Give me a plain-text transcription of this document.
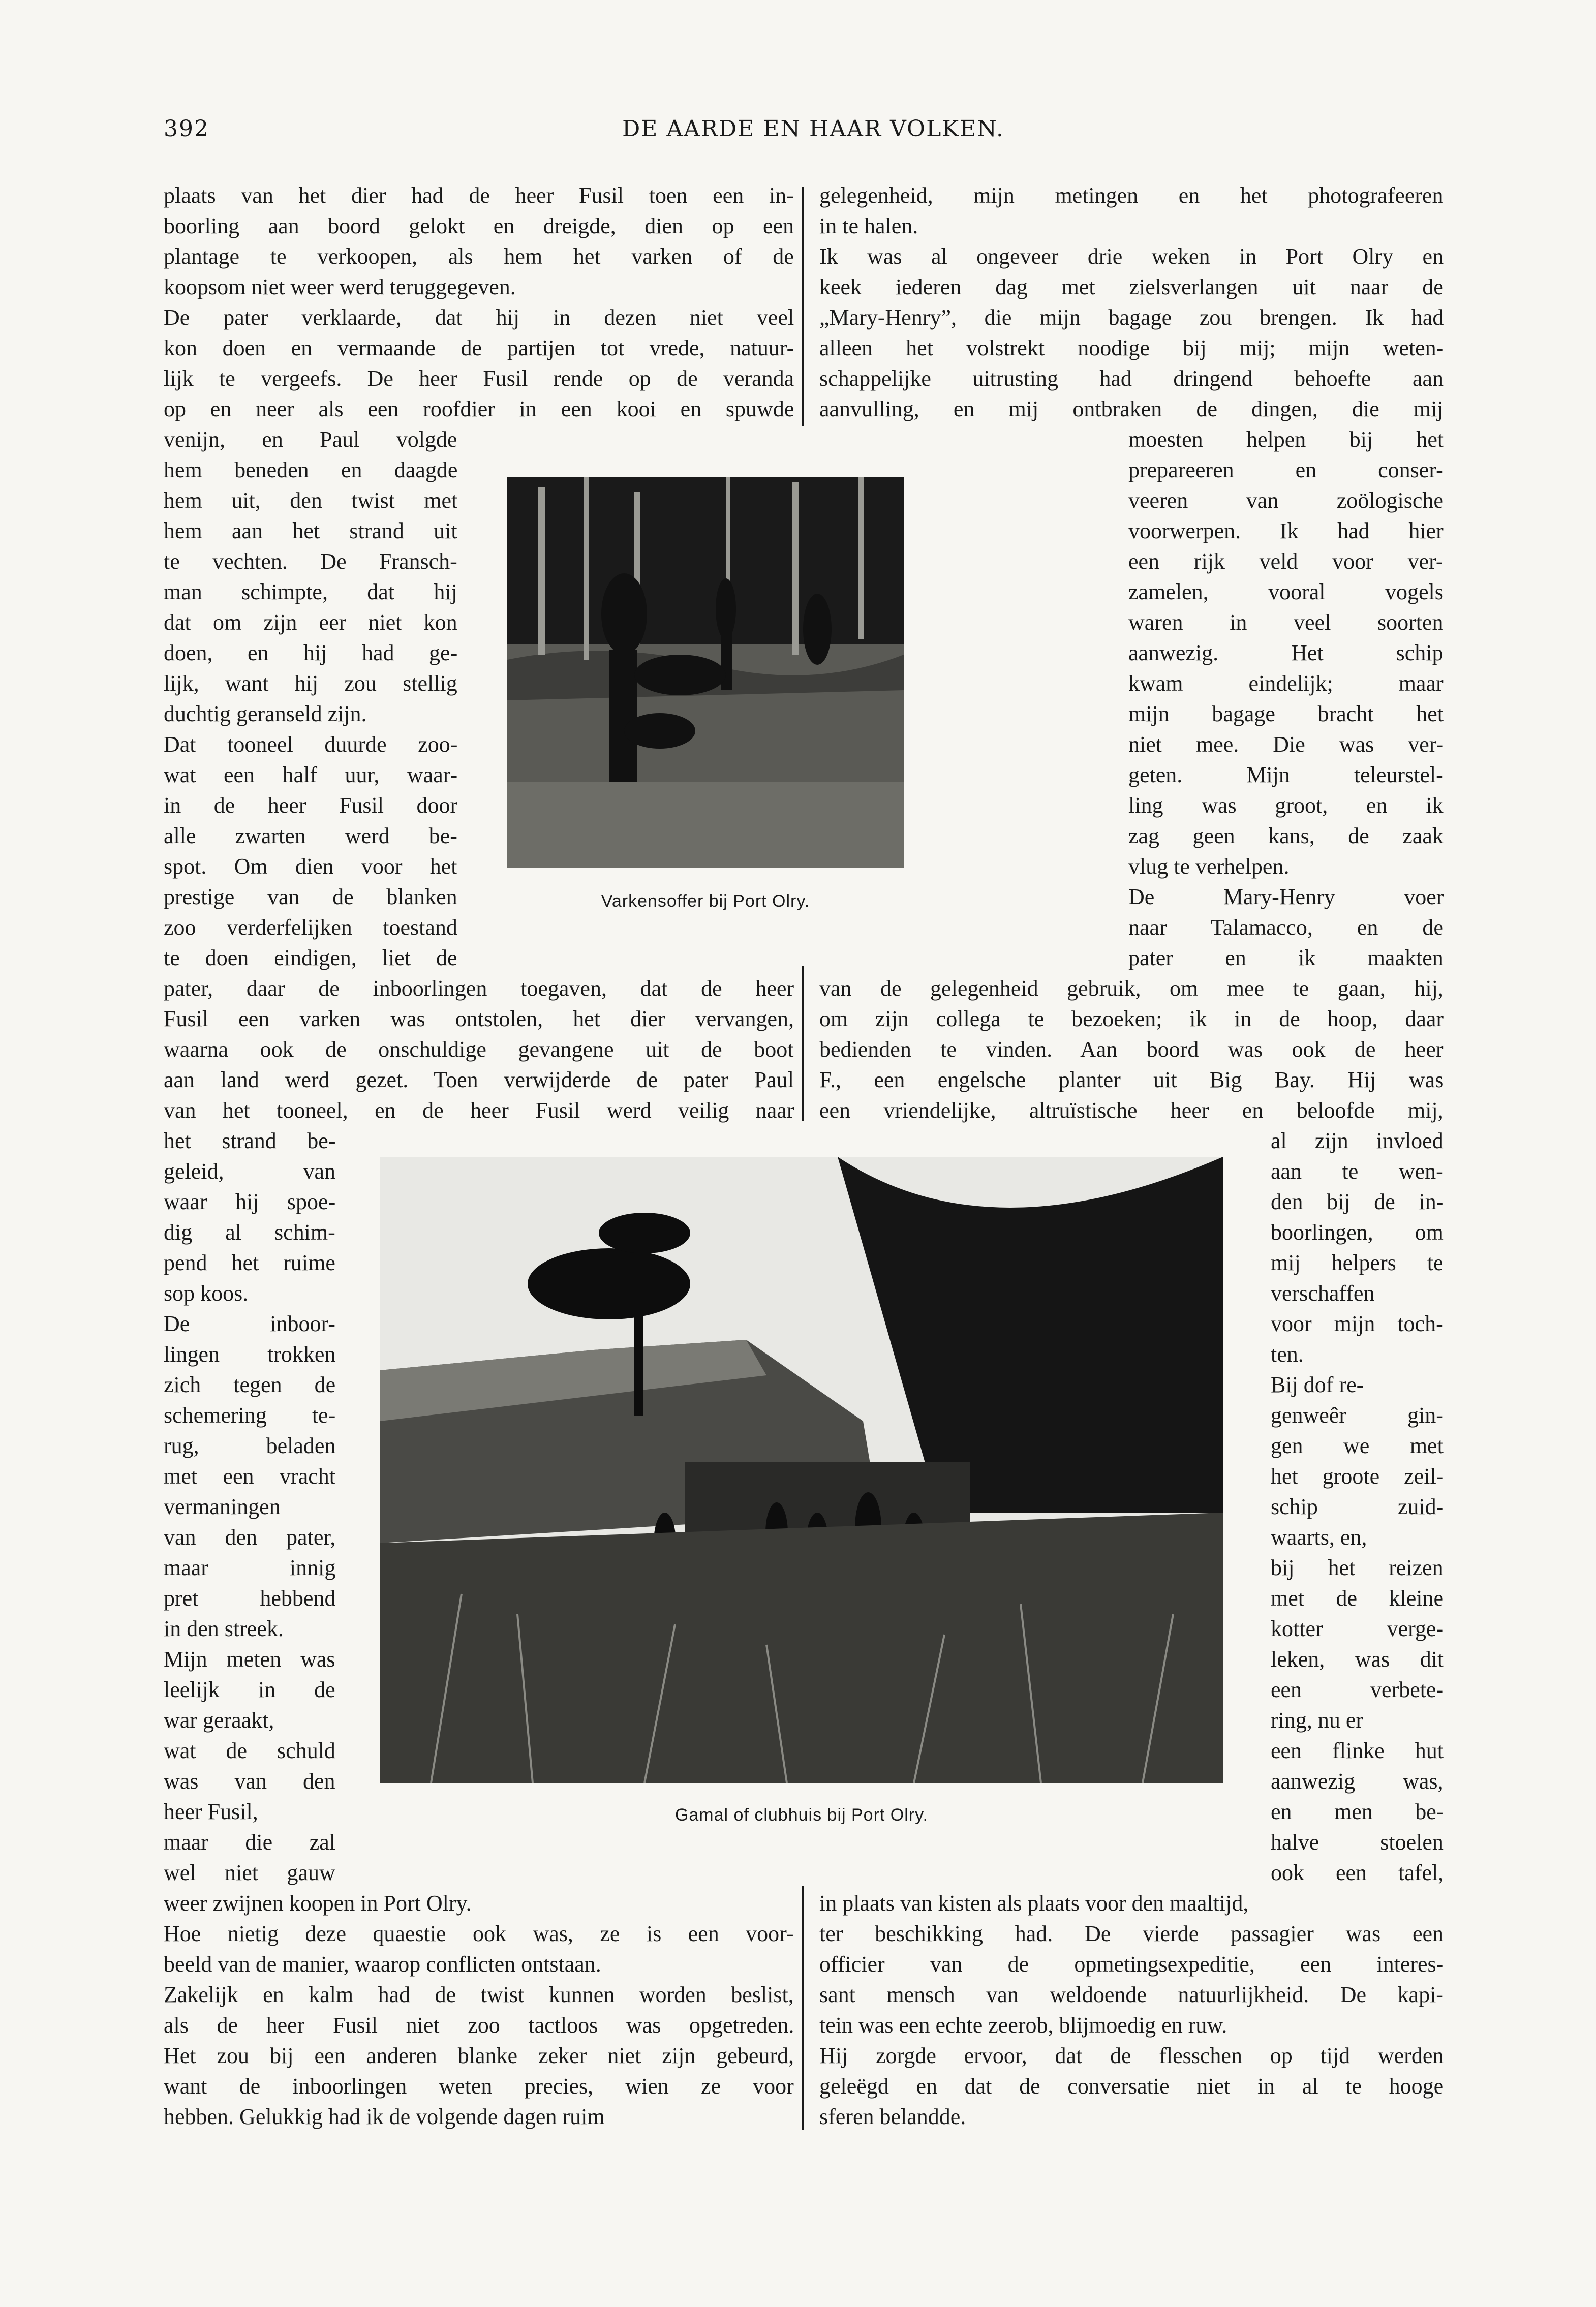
392	DE AARDE EN HAAR VOLKEN.
plaats van het dier had de heer Fusil toen een in-
boorling aan boord gelokt en dreigde, dien op een
plantage te verkoopen, als hem het varken of de
koopsom niet weer werd teruggegeven.
De pater verklaarde, dat hij in dezen niet veel
kon doen en vermaande de partijen tot vrede, natuur-
lijk te vergeefs. De heer Fusil rende op de veranda
op en neer als een roofdier in een kooi en spuwde
venijn, en Paul volgde
hem beneden en daagde
hem uit, den twist met
hem aan het strand uit
te vechten. De Fransch-
man schimpte, dat hij
dat om zijn eer niet kon
doen, en hij had ge-
lijk, want hij zou stellig
duchtig geranseld zijn.
Dat tooneel duurde zoo-
wat een half uur, waar-
in de heer Fusil door
alle zwarten werd be-
spot. Om dien voor het
prestige van de blanken
zoo verderfelijken toestand
te doen eindigen, liet de
pater, daar de inboorlingen toegaven, dat de heer
Fusil een varken was ontstolen, het dier vervangen,
waarna ook de onschuldige gevangene uit de boot
aan land werd gezet. Toen verwijderde de pater Paul
van het tooneel, en de heer Fusil werd veilig naar
het strand be-
geleid, van
waar hij spoe-
dig al schim-
pend het ruime
sop koos.
De inboor-
lingen trokken
zich tegen de
schemering te-
rug, beladen
met een vracht
vermaningen
van den pater,
maar innig
pret hebbend
in den streek.
Mijn meten was
leelijk in de
war geraakt,
wat de schuld
was van den
heer Fusil,
maar die zal
wel niet gauw
weer zwijnen koopen in Port Olry.
Hoe nietig deze quaestie ook was, ze is een voor-
beeld van de manier, waarop conflicten ontstaan.
Zakelijk en kalm had de twist kunnen worden beslist,
als de heer Fusil niet zoo tactloos was opgetreden.
Het zou bij een anderen blanke zeker niet zijn gebeurd,
want de inboorlingen weten precies, wien ze voor
hebben. Gelukkig had ik de volgende dagen ruim
gelegenheid, mijn metingen en het photografeeren
in te halen.
Ik was al ongeveer drie weken in Port Olry en
keek iederen dag met zielsverlangen uit naar de
„Mary-Henry”, die mijn bagage zou brengen. Ik had
alleen het volstrekt noodige bij mij; mijn weten-
schappelijke uitrusting had dringend behoefte aan
aanvulling, en mij ontbraken de dingen, die mij
moesten helpen bij het
prepareeren en conser-
veeren van zoölogische
voorwerpen. Ik had hier
een rijk veld voor ver-
zamelen, vooral vogels
waren in veel soorten
aanwezig. Het schip
kwam eindelijk; maar
mijn bagage bracht het
niet mee. Die was ver-
geten. Mijn teleurstel-
ling was groot, en ik
zag geen kans, de zaak
vlug te verhelpen.
De Mary-Henry voer
naar Talamacco, en de
pater en ik maakten
van de gelegenheid gebruik, om mee te gaan, hij,
om zijn collega te bezoeken; ik in de hoop, daar
bedienden te vinden. Aan boord was ook de heer
F., een engelsche planter uit Big Bay. Hij was
een vriendelijke, altruïstische heer en beloofde mij,
al zijn invloed
aan te wen-
den bij de in-
boorlingen, om
mij helpers te
verschaffen
voor mijn toch-
ten.
Bij dof re-
genweêr gin-
gen we met
het groote zeil-
schip zuid-
waarts, en,
bij het reizen
met de kleine
kotter verge-
leken, was dit
een verbete-
ring, nu er
een flinke hut
aanwezig was,
en men be-
halve stoelen
ook een tafel,
in plaats van kisten als plaats voor den maaltijd,
ter beschikking had. De vierde passagier was een
officier van de opmetingsexpeditie, een interes-
sant mensch van weldoende natuurlijkheid. De kapi-
tein was een echte zeerob, blijmoedig en ruw.
Hij zorgde ervoor, dat de flesschen op tijd werden
geleëgd en dat de conversatie niet in al te hooge
sferen belandde.
Varkensoffer bij Port Olry.
Gamal of clubhuis bij Port Olry.
